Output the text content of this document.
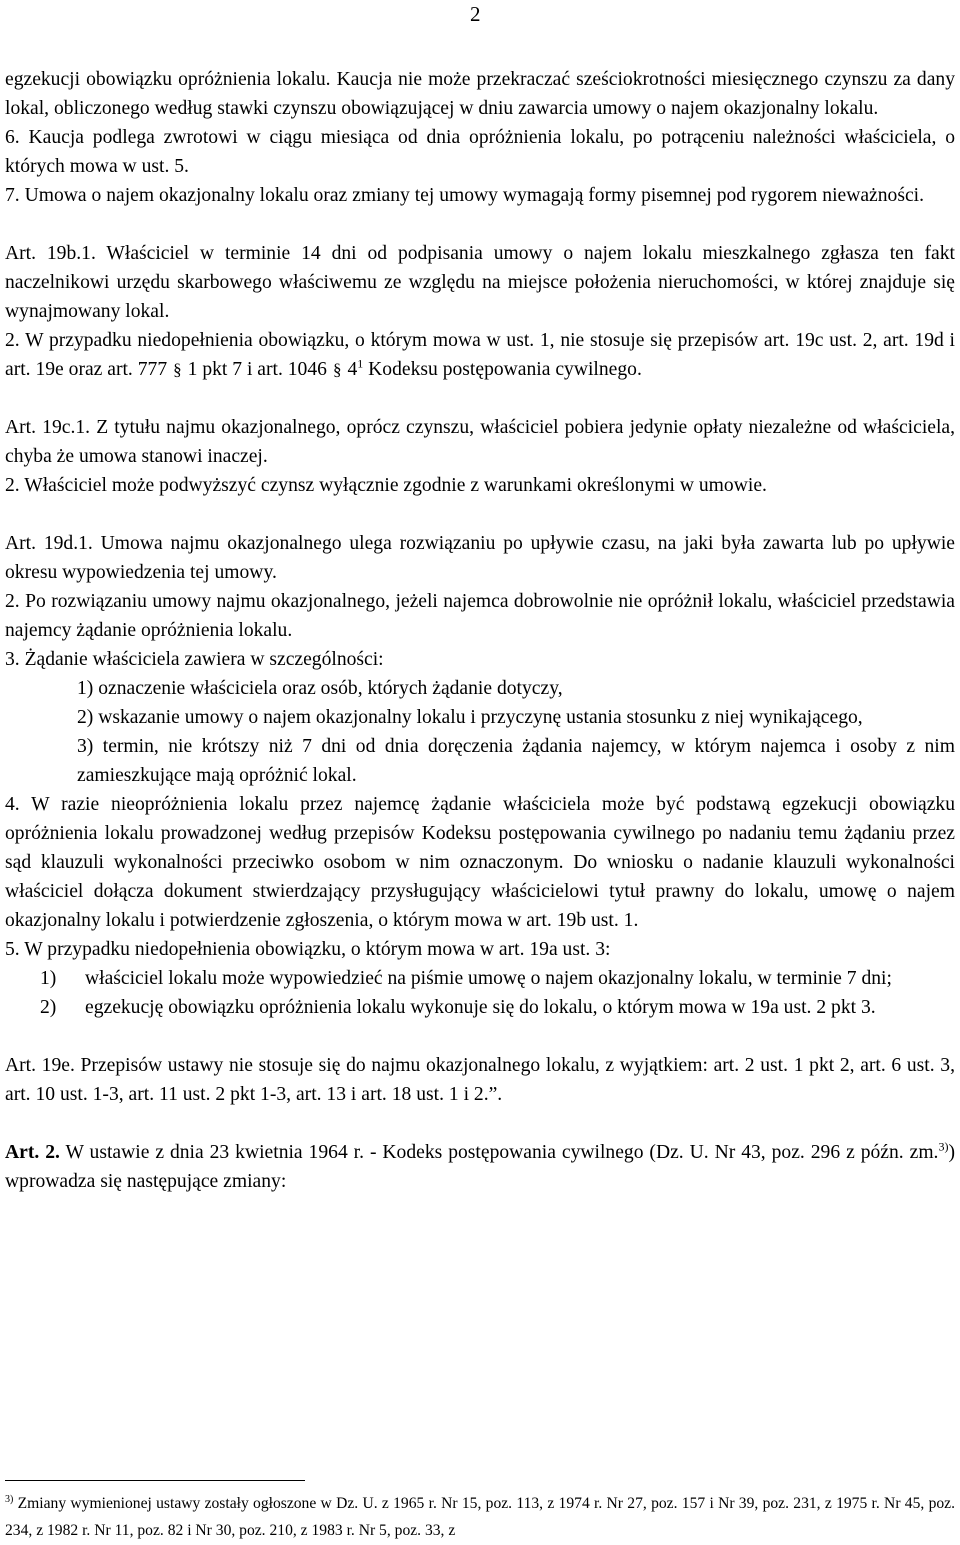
2

egzekucji obowiązku opróżnienia lokalu. Kaucja nie może przekraczać sześciokrotności miesięcznego czynszu za dany lokal, obliczonego według stawki czynszu obowiązującej w dniu zawarcia umowy o najem okazjonalny lokalu.

6. Kaucja podlega zwrotowi w ciągu miesiąca od dnia opróżnienia lokalu, po potrąceniu należności właściciela, o których mowa w ust. 5.

7. Umowa o najem okazjonalny lokalu oraz zmiany tej umowy wymagają formy pisemnej pod rygorem nieważności.

Art. 19b.1. Właściciel w terminie 14 dni od podpisania umowy o najem lokalu mieszkalnego zgłasza ten fakt naczelnikowi urzędu skarbowego właściwemu ze względu na miejsce położenia nieruchomości, w której znajduje się wynajmowany lokal.

2. W przypadku niedopełnienia obowiązku, o którym mowa w ust. 1, nie stosuje się przepisów art. 19c ust. 2, art. 19d i art. 19e oraz art. 777 § 1 pkt 7 i art. 1046 § $4^1$ Kodeksu postępowania cywilnego.

Art. 19c.1. Z tytułu najmu okazjonalnego, oprócz czynszu, właściciel pobiera jedynie opłaty niezależne od właściciela, chyba że umowa stanowi inaczej.

2. Właściciel może podwyższyć czynsz wyłącznie zgodnie z warunkami określonymi w umowie.

Art. 19d.1. Umowa najmu okazjonalnego ulega rozwiązaniu po upływie czasu, na jaki była zawarta lub po upływie okresu wypowiedzenia tej umowy.

2. Po rozwiązaniu umowy najmu okazjonalnego, jeżeli najemca dobrowolnie nie opróżnił lokalu, właściciel przedstawia najemcy żądanie opróżnienia lokalu.

3. Żądanie właściciela zawiera w szczególności:

1) oznaczenie właściciela oraz osób, których żądanie dotyczy,

2) wskazanie umowy o najem okazjonalny lokalu i przyczynę ustania stosunku z niej wynikającego,

3) termin, nie krótszy niż 7 dni od dnia doręczenia żądania najemcy, w którym najemca i osoby z nim zamieszkujące mają opróżnić lokal.

4. W razie nieopróżnienia lokalu przez najemcę żądanie właściciela może być podstawą egzekucji obowiązku opróżnienia lokalu prowadzonej według przepisów Kodeksu postępowania cywilnego po nadaniu temu żądaniu przez sąd klauzuli wykonalności przeciwko osobom w nim oznaczonym. Do wniosku o nadanie klauzuli wykonalności właściciel dołącza dokument stwierdzający przysługujący właścicielowi tytuł prawny do lokalu, umowę o najem okazjonalny lokalu i potwierdzenie zgłoszenia, o którym mowa w art. 19b ust. 1.

5. W przypadku niedopełnienia obowiązku, o którym mowa w art. 19a ust. 3:

1)	właściciel lokalu może wypowiedzieć na piśmie umowę o najem okazjonalny lokalu, w terminie 7 dni;
2)	egzekucję obowiązku opróżnienia lokalu wykonuje się do lokalu, o którym mowa w 19a ust. 2 pkt 3.

Art. 19e. Przepisów ustawy nie stosuje się do najmu okazjonalnego lokalu, z wyjątkiem: art. 2 ust. 1 pkt 2, art. 6 ust. 3, art. 10 ust. 1-3, art. 11 ust. 2 pkt 1-3, art. 13 i art. 18 ust. 1 i 2.”.

Art. 2. W ustawie z dnia 23 kwietnia 1964 r. - Kodeks postępowania cywilnego (Dz. U. Nr 43, poz. 296 z późn. zm.$^{3)}$) wprowadza się następujące zmiany:

$^{3)}$ Zmiany wymienionej ustawy zostały ogłoszone w Dz. U. z 1965 r. Nr 15, poz. 113, z 1974 r. Nr 27, poz. 157 i Nr 39, poz. 231, z 1975 r. Nr 45, poz. 234, z 1982 r. Nr 11, poz. 82 i Nr 30, poz. 210, z 1983 r. Nr 5, poz. 33, z
